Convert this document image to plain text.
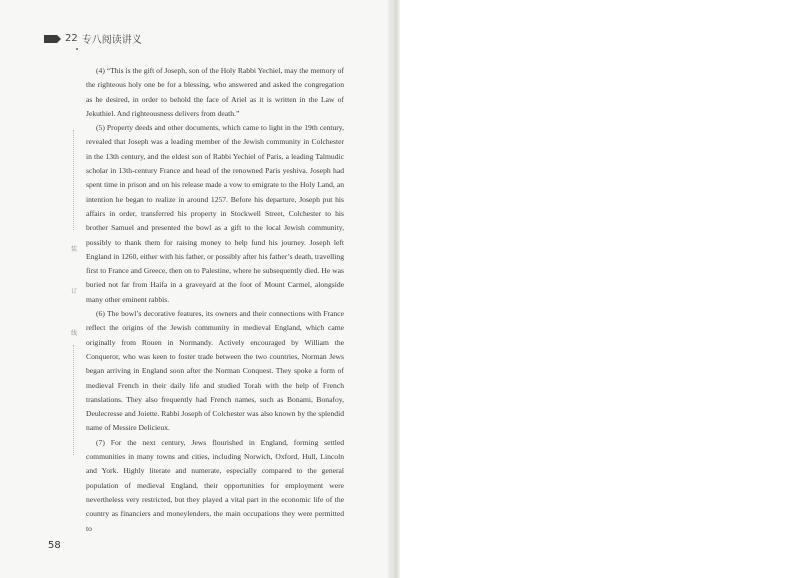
22 专八阅读讲义
装
订
线

(4) “This is the gift of Joseph, son of the Holy Rabbi Yechiel, may the memory of the righteous holy one be for a blessing, who answered and asked the congregation as he desired, in order to behold the face of Ariel as it is written in the Law of Jekuthiel. And righteousness delivers from death.”

(5) Property deeds and other documents, which came to light in the 19th century, revealed that Joseph was a leading member of the Jewish community in Colchester in the 13th century, and the eldest son of Rabbi Yechiel of Paris, a leading Talmudic scholar in 13th-century France and head of the renowned Paris yeshiva. Joseph had spent time in prison and on his release made a vow to emigrate to the Holy Land, an intention he began to realize in around 1257. Before his departure, Joseph put his affairs in order, transferred his property in Stockwell Street, Colchester to his brother Samuel and presented the bowl as a gift to the local Jewish community, possibly to thank them for raising money to help fund his journey. Joseph left England in 1260, either with his father, or possibly after his father’s death, travelling first to France and Greece, then on to Palestine, where he subsequently died. He was buried not far from Haifa in a graveyard at the foot of Mount Carmel, alongside many other eminent rabbis.

(6) The bowl’s decorative features, its owners and their connections with France reflect the origins of the Jewish community in medieval England, which came originally from Rouen in Normandy. Actively encouraged by William the Conqueror, who was keen to foster trade between the two countries, Norman Jews began arriving in England soon after the Norman Conquest. They spoke a form of medieval French in their daily life and studied Torah with the help of French translations. They also frequently had French names, such as Bonami, Bonafoy, Deulecresse and Joiette. Rabbi Joseph of Colchester was also known by the splendid name of Messire Delicieux.

(7) For the next century, Jews flourished in England, forming settled communities in many towns and cities, including Norwich, Oxford, Hull, Lincoln and York. Highly literate and numerate, especially compared to the general population of medieval England, their opportunities for employment were nevertheless very restricted, but they played a vital part in the economic life of the country as financiers and moneylenders, the main occupations they were permitted to

58
